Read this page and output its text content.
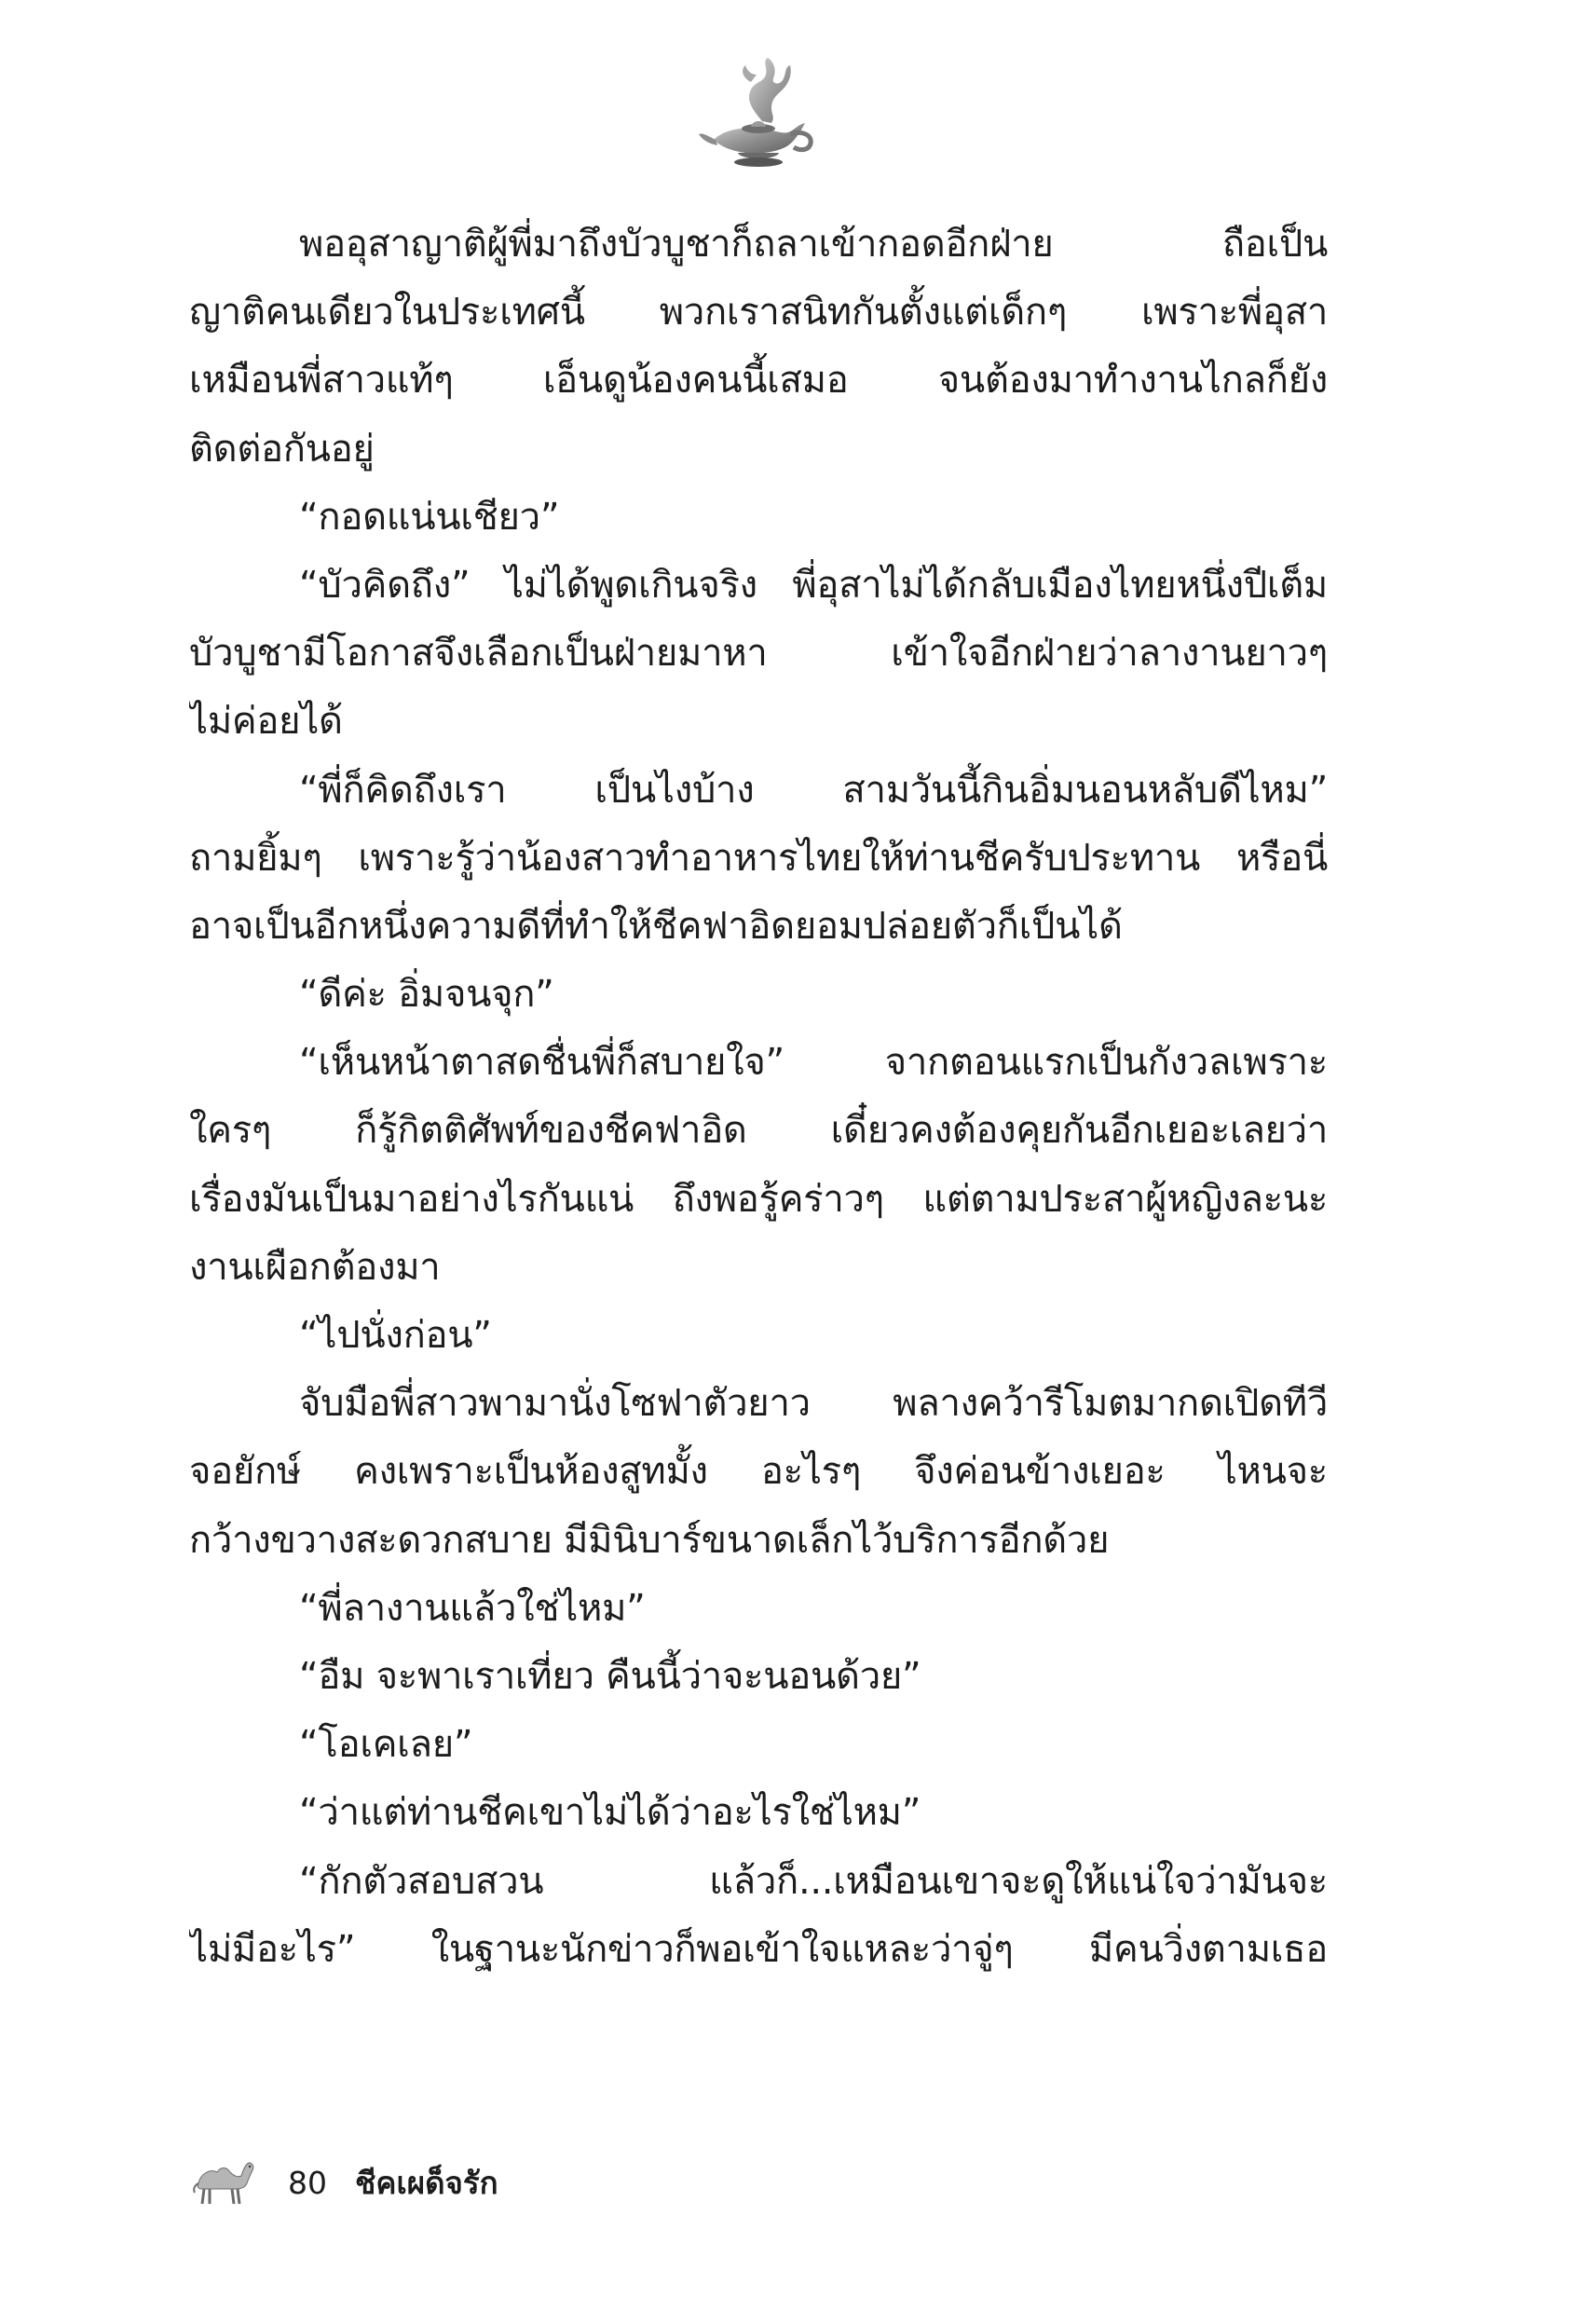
พออุสาญาติผู้พี่มาถึงบัวบูชาก็ถลาเข้ากอดอีกฝ่าย ถือเป็น
ญาติคนเดียวในประเทศนี้ พวกเราสนิทกันตั้งแต่เด็กๆ เพราะพี่อุสา
เหมือนพี่สาวแท้ๆ เอ็นดูน้องคนนี้เสมอ จนต้องมาทำงานไกลก็ยัง
ติดต่อกันอยู่
“กอดแน่นเชียว”
“บัวคิดถึง” ไม่ได้พูดเกินจริง พี่อุสาไม่ได้กลับเมืองไทยหนึ่งปีเต็ม
บัวบูชามีโอกาสจึงเลือกเป็นฝ่ายมาหา เข้าใจอีกฝ่ายว่าลางานยาวๆ
ไม่ค่อยได้
“พี่ก็คิดถึงเรา เป็นไงบ้าง สามวันนี้กินอิ่มนอนหลับดีไหม”
ถามยิ้มๆ เพราะรู้ว่าน้องสาวทำอาหารไทยให้ท่านชีครับประทาน หรือนี่
อาจเป็นอีกหนึ่งความดีที่ทำให้ชีคฟาอิดยอมปล่อยตัวก็เป็นได้
“ดีค่ะ อิ่มจนจุก”
“เห็นหน้าตาสดชื่นพี่ก็สบายใจ” จากตอนแรกเป็นกังวลเพราะ
ใครๆ ก็รู้กิตติศัพท์ของชีคฟาอิด เดี๋ยวคงต้องคุยกันอีกเยอะเลยว่า
เรื่องมันเป็นมาอย่างไรกันแน่ ถึงพอรู้คร่าวๆ แต่ตามประสาผู้หญิงละนะ
งานเผือกต้องมา
“ไปนั่งก่อน”
จับมือพี่สาวพามานั่งโซฟาตัวยาว พลางคว้ารีโมตมากดเปิดทีวี
จอยักษ์ คงเพราะเป็นห้องสูทมั้ง อะไรๆ จึงค่อนข้างเยอะ ไหนจะ
กว้างขวางสะดวกสบาย มีมินิบาร์ขนาดเล็กไว้บริการอีกด้วย
“พี่ลางานแล้วใช่ไหม”
“อืม จะพาเราเที่ยว คืนนี้ว่าจะนอนด้วย”
“โอเคเลย”
“ว่าแต่ท่านชีคเขาไม่ได้ว่าอะไรใช่ไหม”
“กักตัวสอบสวน แล้วก็...เหมือนเขาจะดูให้แน่ใจว่ามันจะ
ไม่มีอะไร” ในฐานะนักข่าวก็พอเข้าใจแหละว่าจู่ๆ มีคนวิ่งตามเธอ
80 ชีคเผด็จรัก
